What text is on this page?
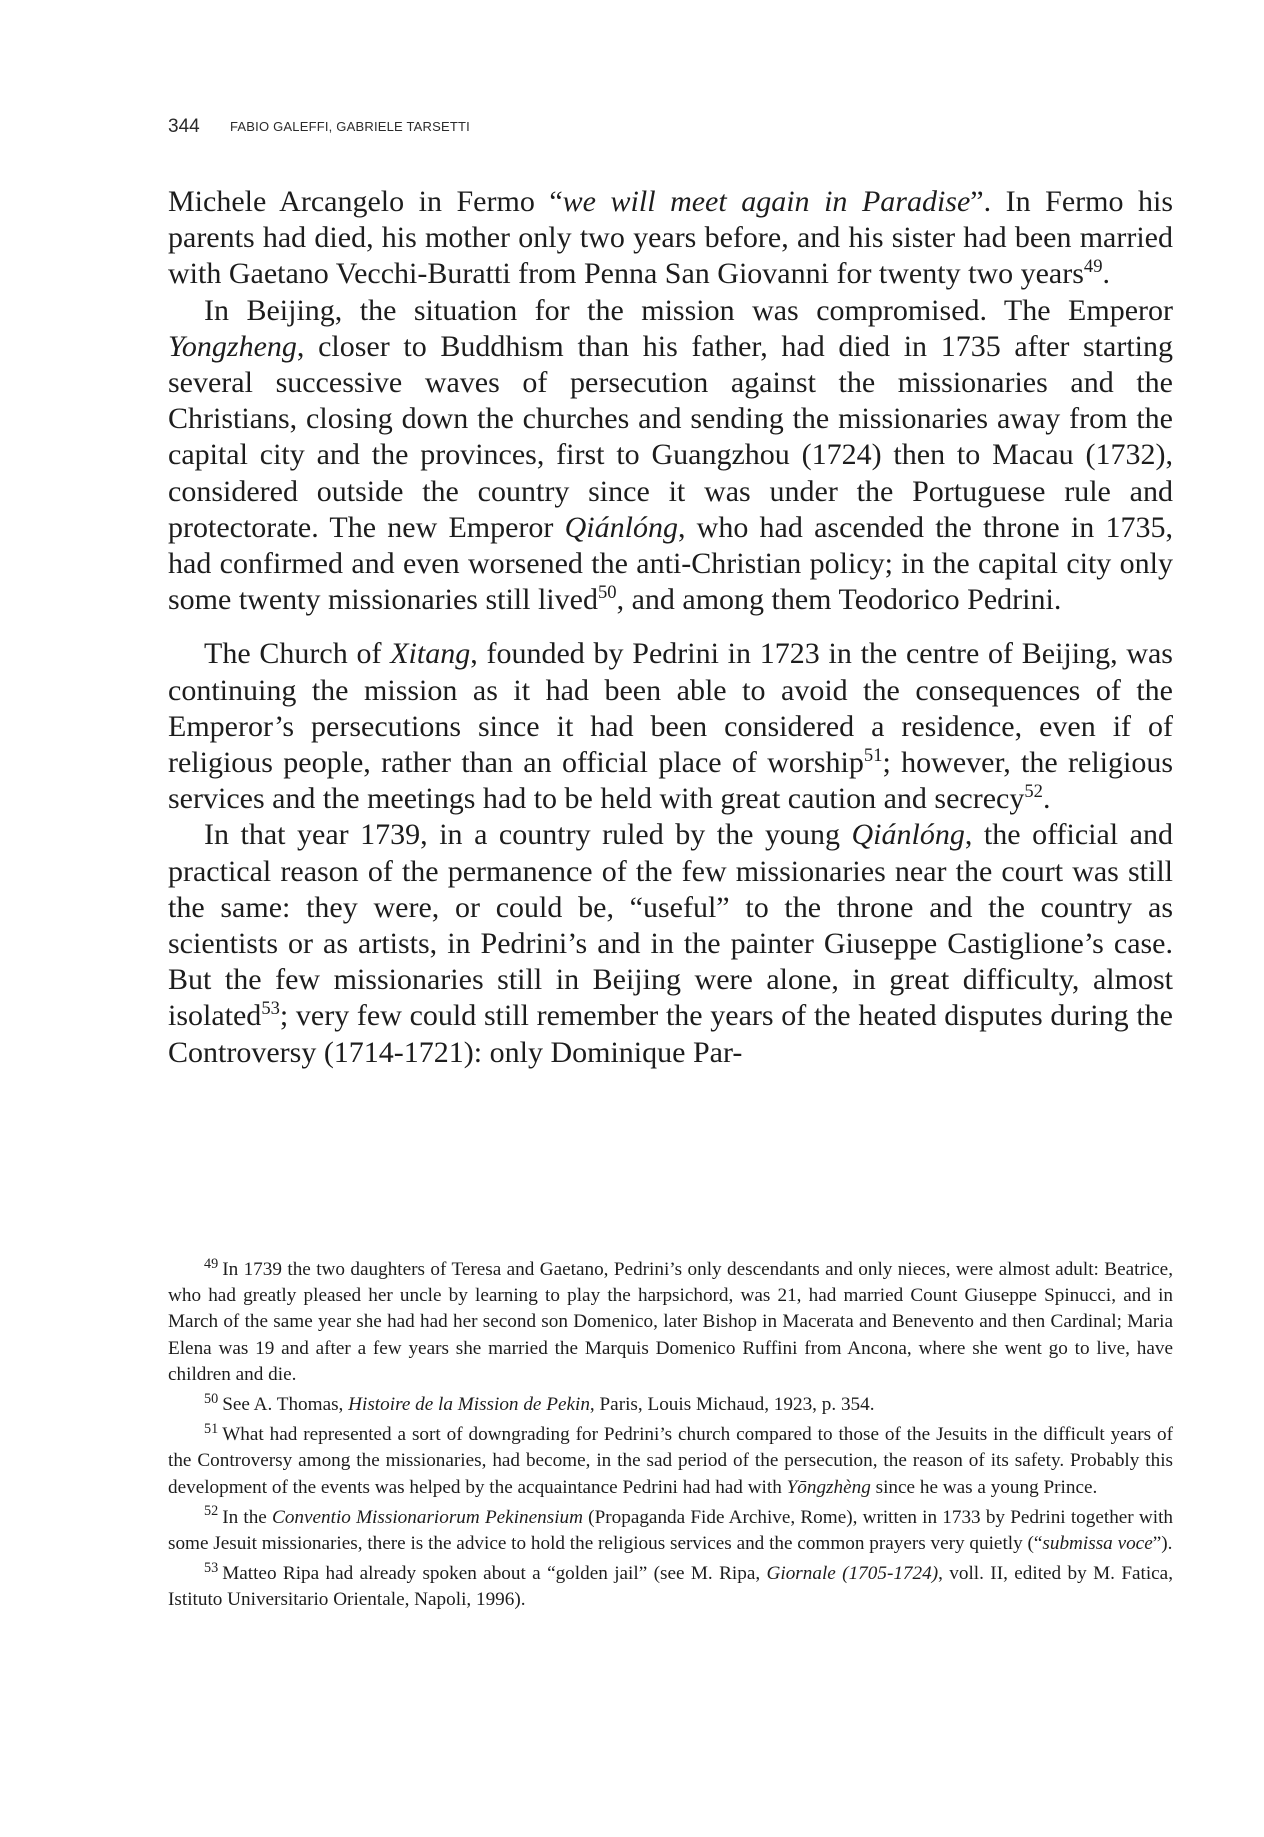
344 FABIO GALEFFI, GABRIELE TARSETTI

Michele Arcangelo in Fermo “we will meet again in Paradise”. In Fermo his parents had died, his mother only two years before, and his sister had been married with Gaetano Vecchi-Buratti from Penna San Giovanni for twenty two years$^{49}$.

In Beijing, the situation for the mission was compromised. The Emperor Yongzheng, closer to Buddhism than his father, had died in 1735 after starting several successive waves of persecution against the missionaries and the Christians, closing down the churches and sending the missionaries away from the capital city and the provinces, first to Guangzhou (1724) then to Macau (1732), considered outside the country since it was under the Portuguese rule and protectorate. The new Emperor Qiánlóng, who had ascended the throne in 1735, had confirmed and even worsened the anti-Christian policy; in the capital city only some twenty missionaries still lived$^{50}$, and among them Teodorico Pedrini.

The Church of Xitang, founded by Pedrini in 1723 in the centre of Beijing, was continuing the mission as it had been able to avoid the consequences of the Emperor’s persecutions since it had been considered a residence, even if of religious people, rather than an official place of worship$^{51}$; however, the religious services and the meetings had to be held with great caution and secrecy$^{52}$.

In that year 1739, in a country ruled by the young Qiánlóng, the official and practical reason of the permanence of the few missionaries near the court was still the same: they were, or could be, “useful” to the throne and the country as scientists or as artists, in Pedrini’s and in the painter Giuseppe Castiglione’s case. But the few missionaries still in Beijing were alone, in great difficulty, almost isolated$^{53}$; very few could still remember the years of the heated disputes during the Controversy (1714-1721): only Dominique Par-

$^{49}$ In 1739 the two daughters of Teresa and Gaetano, Pedrini’s only descendants and only nieces, were almost adult: Beatrice, who had greatly pleased her uncle by learning to play the harpsichord, was 21, had married Count Giuseppe Spinucci, and in March of the same year she had had her second son Domenico, later Bishop in Macerata and Benevento and then Cardinal; Maria Elena was 19 and after a few years she married the Marquis Domenico Ruffini from Ancona, where she went go to live, have children and die.

$^{50}$ See A. Thomas, Histoire de la Mission de Pekin, Paris, Louis Michaud, 1923, p. 354.

$^{51}$ What had represented a sort of downgrading for Pedrini’s church compared to those of the Jesuits in the difficult years of the Controversy among the missionaries, had become, in the sad period of the persecution, the reason of its safety. Probably this development of the events was helped by the acquaintance Pedrini had had with Yōngzhèng since he was a young Prince.

$^{52}$ In the Conventio Missionariorum Pekinensium (Propaganda Fide Archive, Rome), written in 1733 by Pedrini together with some Jesuit missionaries, there is the advice to hold the religious services and the common prayers very quietly (“submissa voce”).

$^{53}$ Matteo Ripa had already spoken about a “golden jail” (see M. Ripa, Giornale (1705-1724), voll. II, edited by M. Fatica, Istituto Universitario Orientale, Napoli, 1996).
